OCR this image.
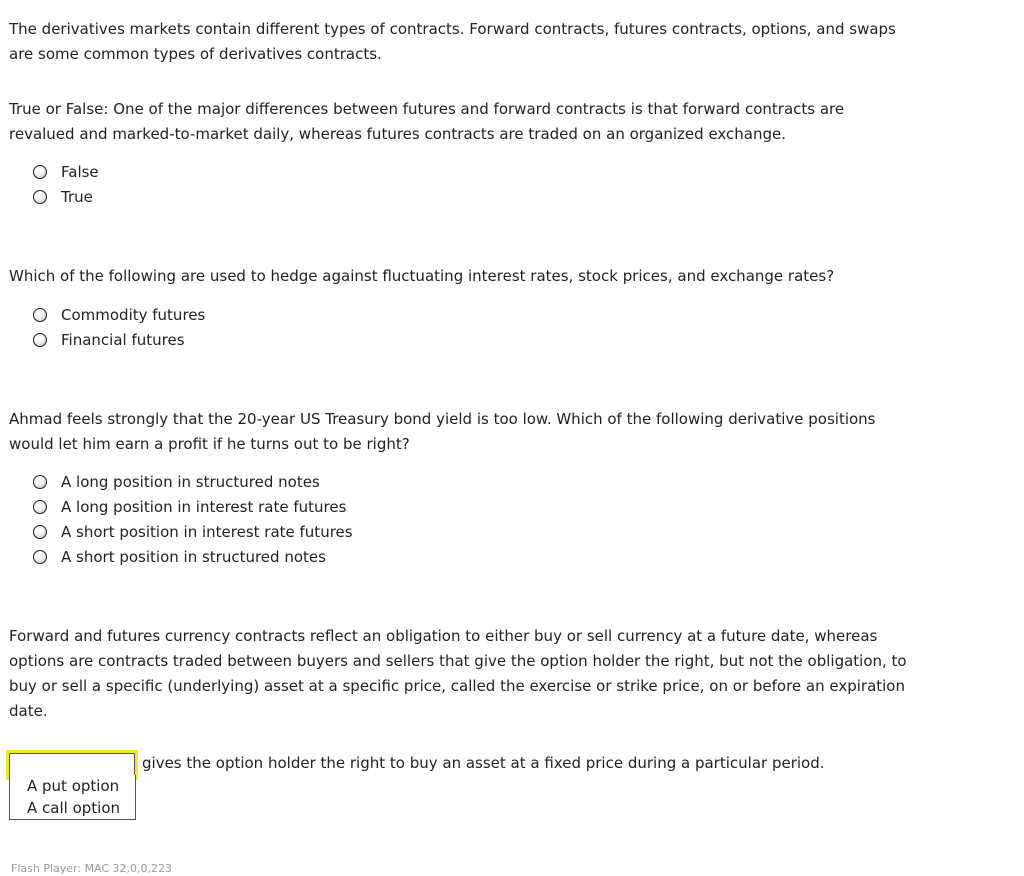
The derivatives markets contain different types of contracts. Forward contracts, futures contracts, options, and swaps are some common types of derivatives contracts.

True or False: One of the major differences between futures and forward contracts is that forward contracts are revalued and marked-to-market daily, whereas futures contracts are traded on an organized exchange.

False
True

Which of the following are used to hedge against fluctuating interest rates, stock prices, and exchange rates?

Commodity futures
Financial futures

Ahmad feels strongly that the 20-year US Treasury bond yield is too low. Which of the following derivative positions would let him earn a profit if he turns out to be right?

A long position in structured notes
A long position in interest rate futures
A short position in interest rate futures
A short position in structured notes

Forward and futures currency contracts reflect an obligation to either buy or sell currency at a future date, whereas options are contracts traded between buyers and sellers that give the option holder the right, but not the obligation, to buy or sell a specific (underlying) asset at a specific price, called the exercise or strike price, on or before an expiration date.

gives the option holder the right to buy an asset at a fixed price during a particular period.
A put option
A call option
Flash Player: MAC 32,0,0,223
